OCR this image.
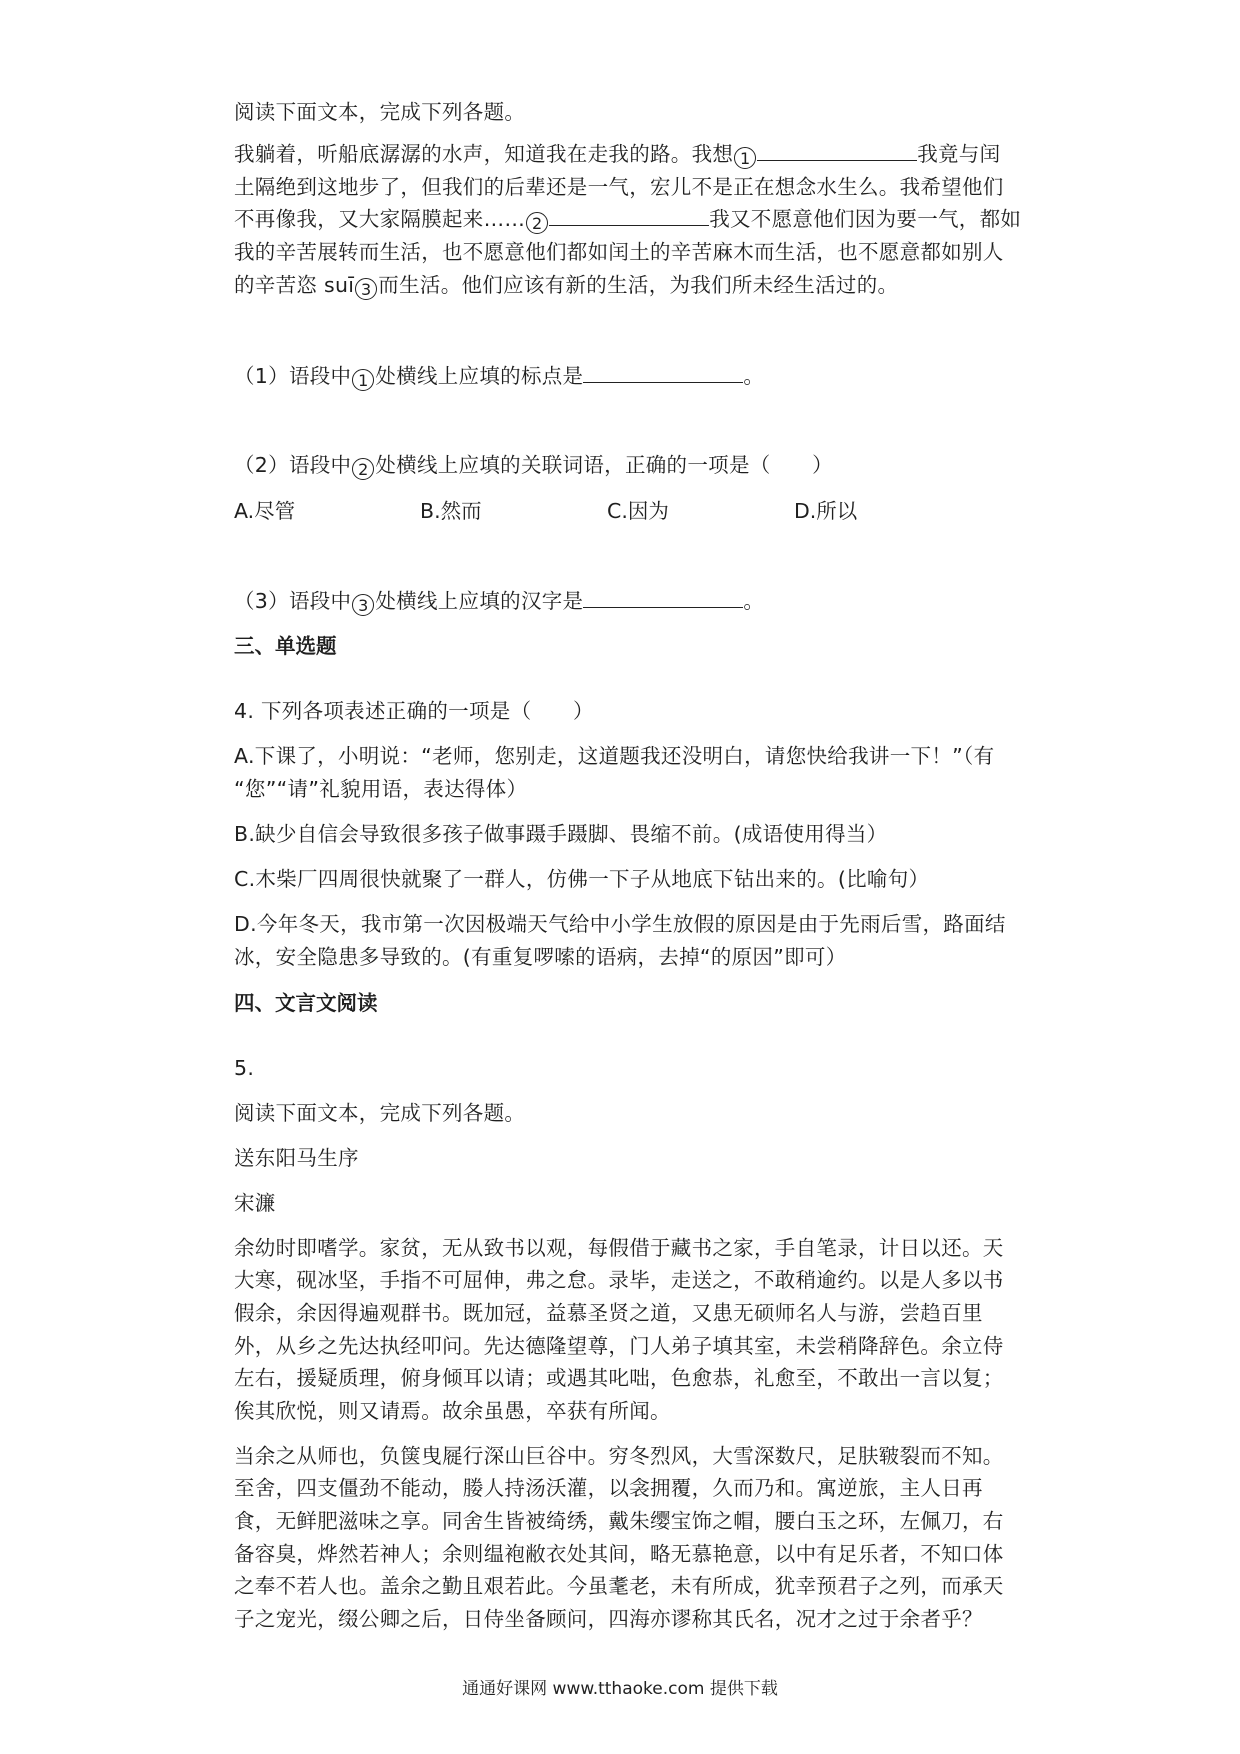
阅读下面文本，完成下列各题。
我躺着，听船底潺潺的水声，知道我在走我的路。我想 1	我竟与闰
土隔绝到这地步了，但我们的后辈还是一气，宏儿不是正在想念水生么。我希望他们
不再像我，又大家隔膜起来…… 2	我又不愿意他们因为要一气，都如
我的辛苦展转而生活，也不愿意他们都如闰土的辛苦麻木而生活，也不愿意都如别人
的辛苦恣 suī 3 而生活。他们应该有新的生活，为我们所未经生活过的。
（1）语段中 1 处横线上应填的标点是	。
（2）语段中 2 处横线上应填的关联词语，正确的一项是（　　）
A.尽管	B.然而	C.因为	D.所以
（3）语段中 3 处横线上应填的汉字是	。
三、单选题
4. 下列各项表述正确的一项是（　　）
A.下课了，小明说：“老师，您别走，这道题我还没明白，请您快给我讲一下！”（有
“您”“请”礼貌用语，表达得体）
B.缺少自信会导致很多孩子做事蹑手蹑脚、畏缩不前。(成语使用得当）
C.木柴厂四周很快就聚了一群人，仿佛一下子从地底下钻出来的。(比喻句）
D.今年冬天，我市第一次因极端天气给中小学生放假的原因是由于先雨后雪，路面结
冰，安全隐患多导致的。(有重复啰嗦的语病，去掉“的原因”即可）
四、文言文阅读
5.
阅读下面文本，完成下列各题。
送东阳马生序
宋濂
余幼时即嗜学。家贫，无从致书以观，每假借于藏书之家，手自笔录，计日以还。天
大寒，砚冰坚，手指不可屈伸，弗之怠。录毕，走送之，不敢稍逾约。以是人多以书
假余，余因得遍观群书。既加冠，益慕圣贤之道，又患无硕师名人与游，尝趋百里
外，从乡之先达执经叩问。先达德隆望尊，门人弟子填其室，未尝稍降辞色。余立侍
左右，援疑质理，俯身倾耳以请；或遇其叱咄，色愈恭，礼愈至，不敢出一言以复；
俟其欣悦，则又请焉。故余虽愚，卒获有所闻。
当余之从师也，负箧曳屣行深山巨谷中。穷冬烈风，大雪深数尺，足肤皲裂而不知。
至舍，四支僵劲不能动，媵人持汤沃灌，以衾拥覆，久而乃和。寓逆旅，主人日再
食，无鲜肥滋味之享。同舍生皆被绮绣，戴朱缨宝饰之帽，腰白玉之环，左佩刀，右
备容臭，烨然若神人；余则缊袍敝衣处其间，略无慕艳意，以中有足乐者，不知口体
之奉不若人也。盖余之勤且艰若此。今虽耄老，未有所成，犹幸预君子之列，而承天
子之宠光，缀公卿之后，日侍坐备顾问，四海亦谬称其氏名，况才之过于余者乎？
通通好课网 www.tthaoke.com 提供下载
